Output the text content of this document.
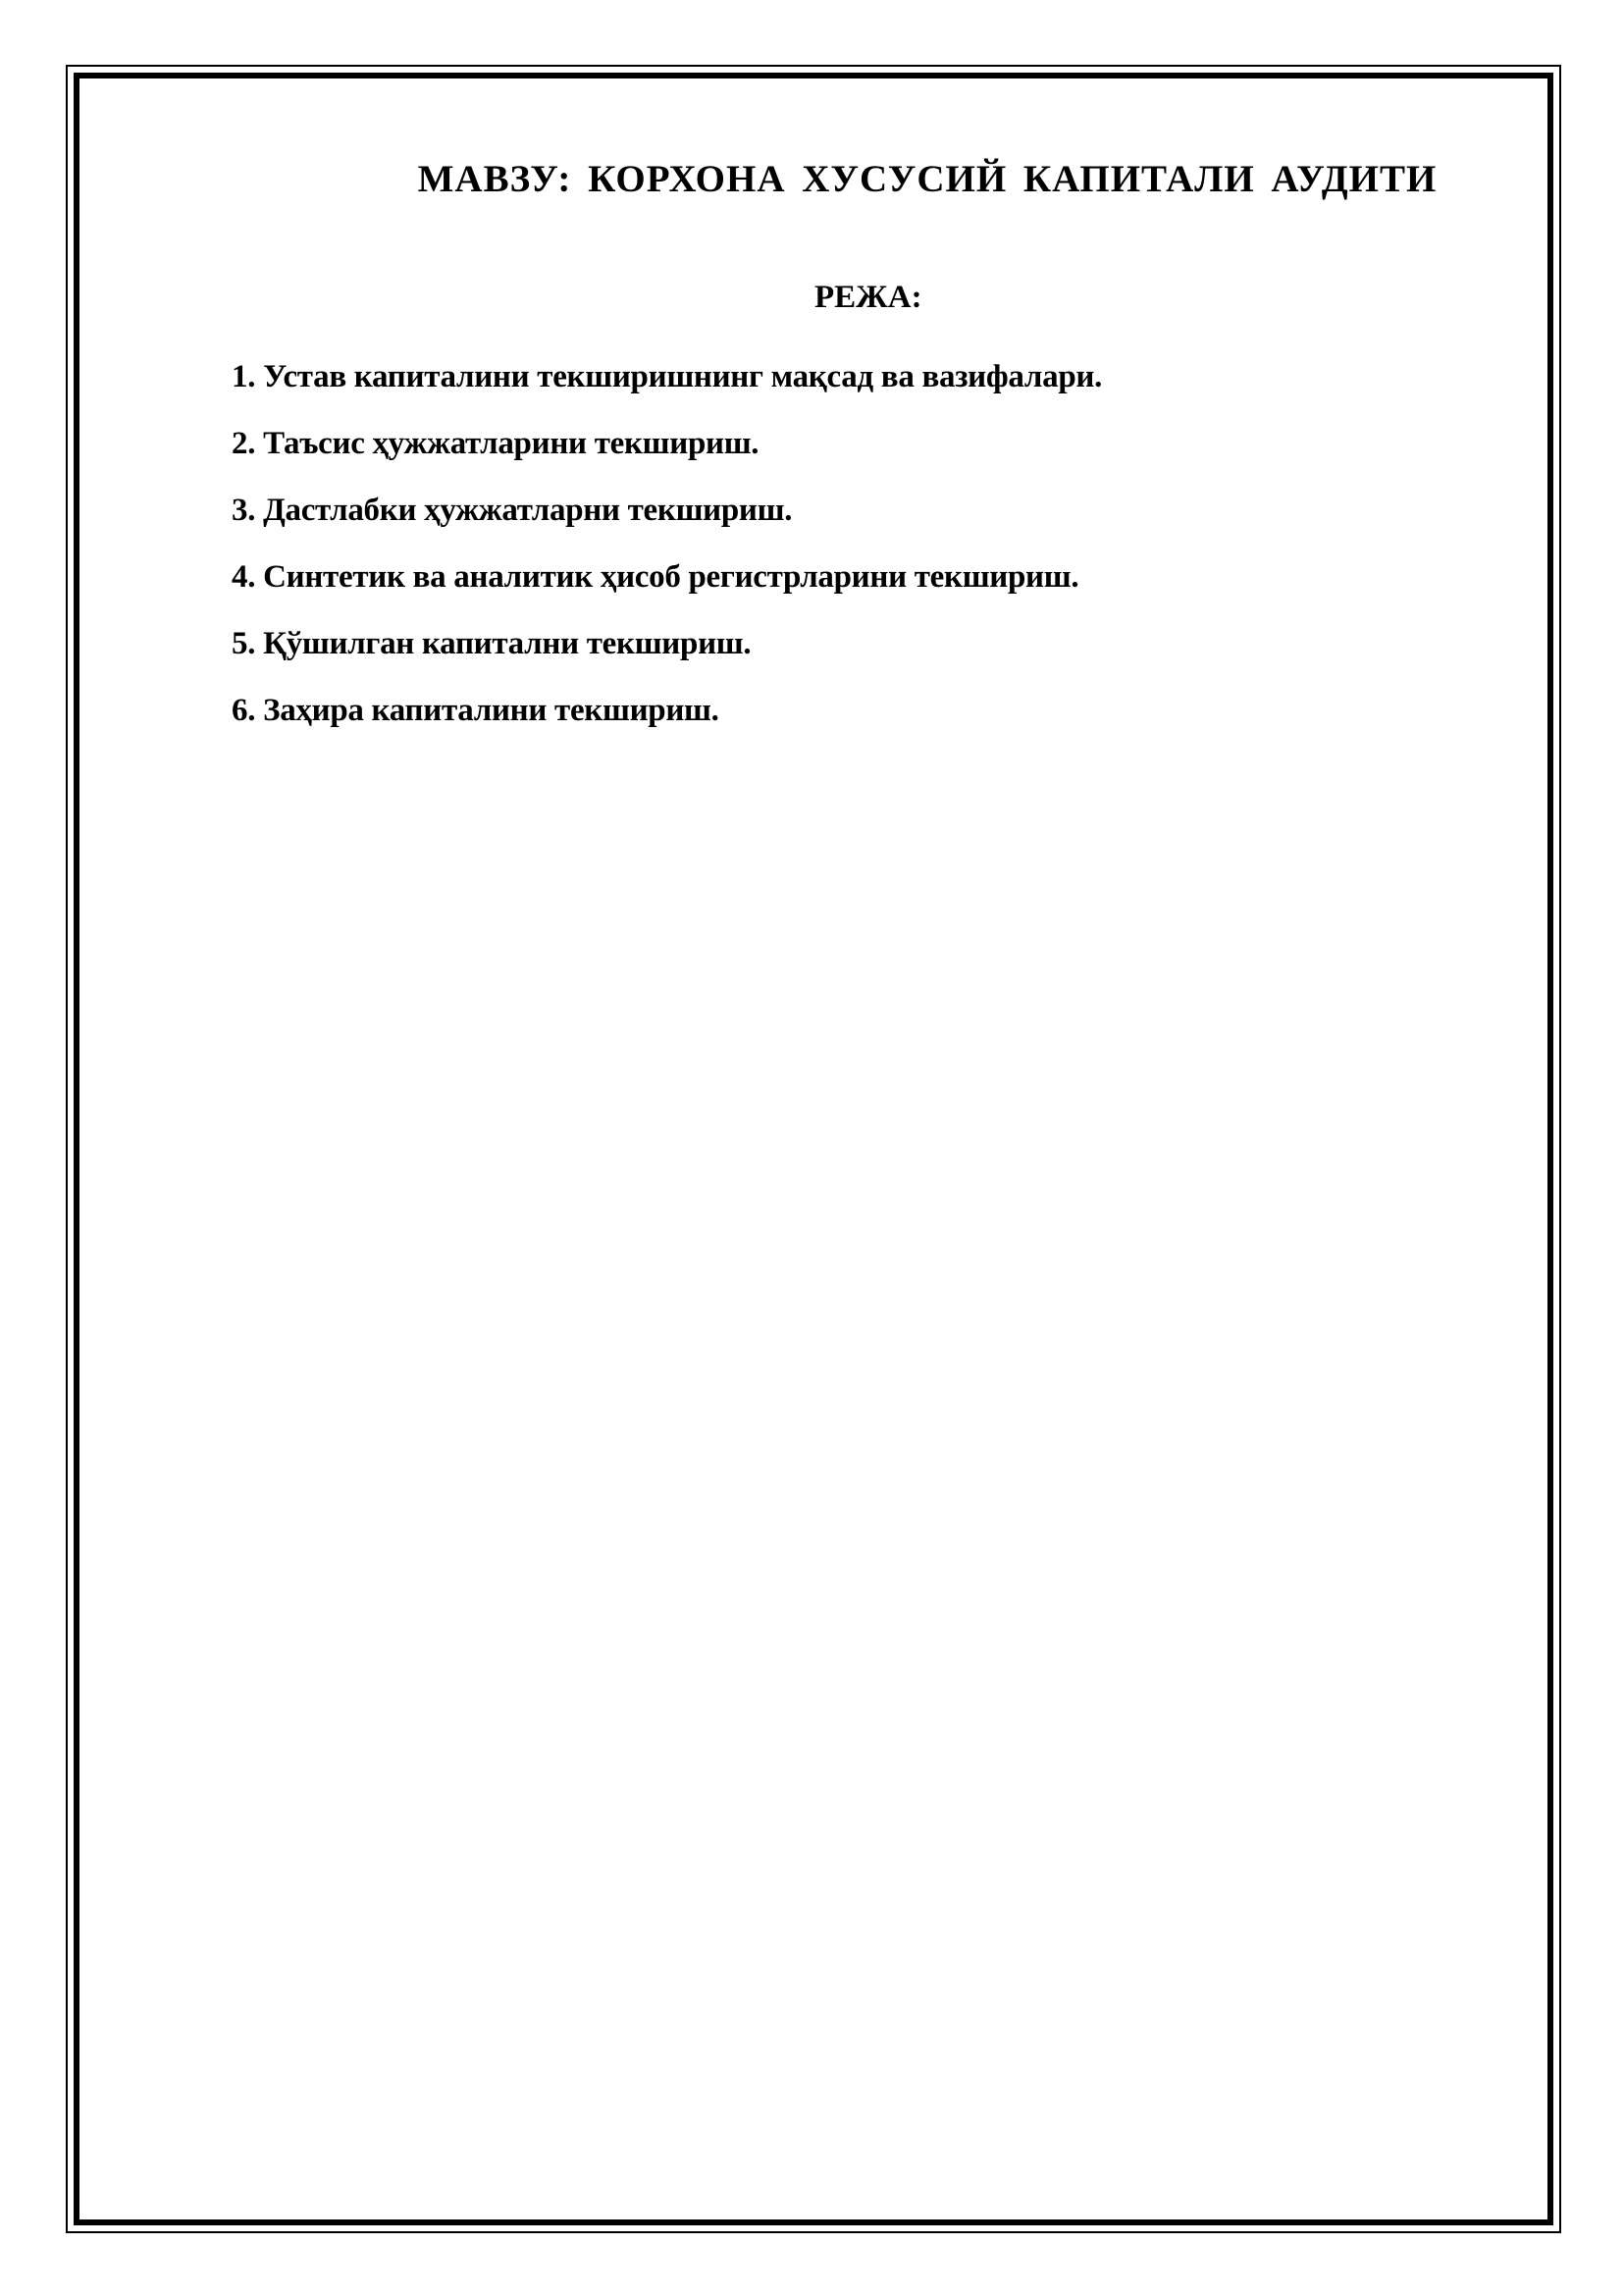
МАВЗУ: КОРХОНА ХУСУСИЙ КАПИТАЛИ АУДИТИ
РЕЖА:
1. Устав капиталини текширишнинг мақсад ва вазифалари.
2. Таъсис ҳужжатларини текшириш.
3. Дастлабки ҳужжатларни текшириш.
4. Синтетик ва аналитик ҳисоб регистрларини текшириш.
5. Қўшилган капитални текшириш.
6. Заҳира капиталини текшириш.
